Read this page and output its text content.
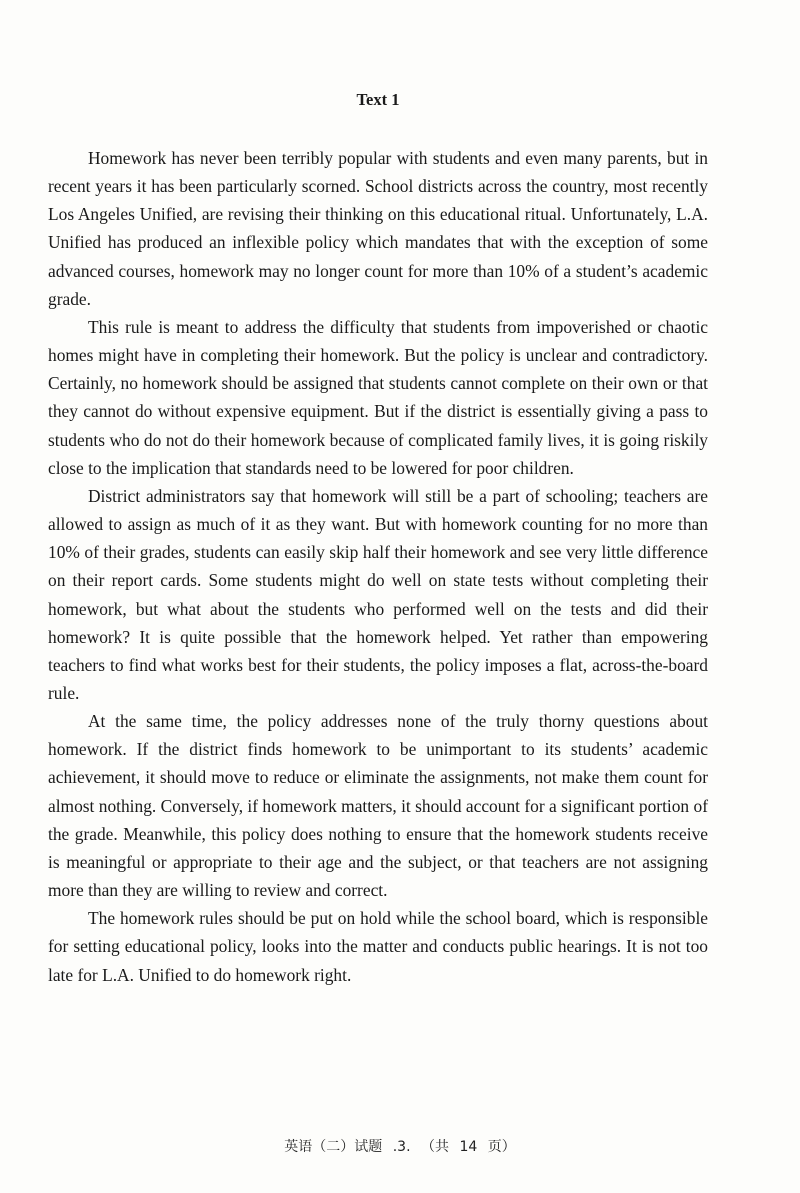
Text 1

Homework has never been terribly popular with students and even many parents, but in recent years it has been particularly scorned. School districts across the country, most recently Los Angeles Unified, are revising their thinking on this educational ritual. Unfortunately, L.A. Unified has produced an inflexible policy which mandates that with the exception of some advanced courses, homework may no longer count for more than 10% of a student’s academic grade.

This rule is meant to address the difficulty that students from impoverished or chaotic homes might have in completing their homework. But the policy is unclear and contradictory. Certainly, no homework should be assigned that students cannot complete on their own or that they cannot do without expensive equipment. But if the district is essentially giving a pass to students who do not do their homework because of complicated family lives, it is going riskily close to the implication that standards need to be lowered for poor children.

District administrators say that homework will still be a part of schooling; teachers are allowed to assign as much of it as they want. But with homework counting for no more than 10% of their grades, students can easily skip half their homework and see very little difference on their report cards. Some students might do well on state tests without completing their homework, but what about the students who performed well on the tests and did their homework? It is quite possible that the homework helped. Yet rather than empowering teachers to find what works best for their students, the policy imposes a flat, across-the-board rule.

At the same time, the policy addresses none of the truly thorny questions about homework. If the district finds homework to be unimportant to its students’ academic achievement, it should move to reduce or eliminate the assignments, not make them count for almost nothing. Conversely, if homework matters, it should account for a significant portion of the grade. Meanwhile, this policy does nothing to ensure that the homework students receive is meaningful or appropriate to their age and the subject, or that teachers are not assigning more than they are willing to review and correct.

The homework rules should be put on hold while the school board, which is responsible for setting educational policy, looks into the matter and conducts public hearings. It is not too late for L.A. Unified to do homework right.

英语（二）试题 .3. （共 14 页）
